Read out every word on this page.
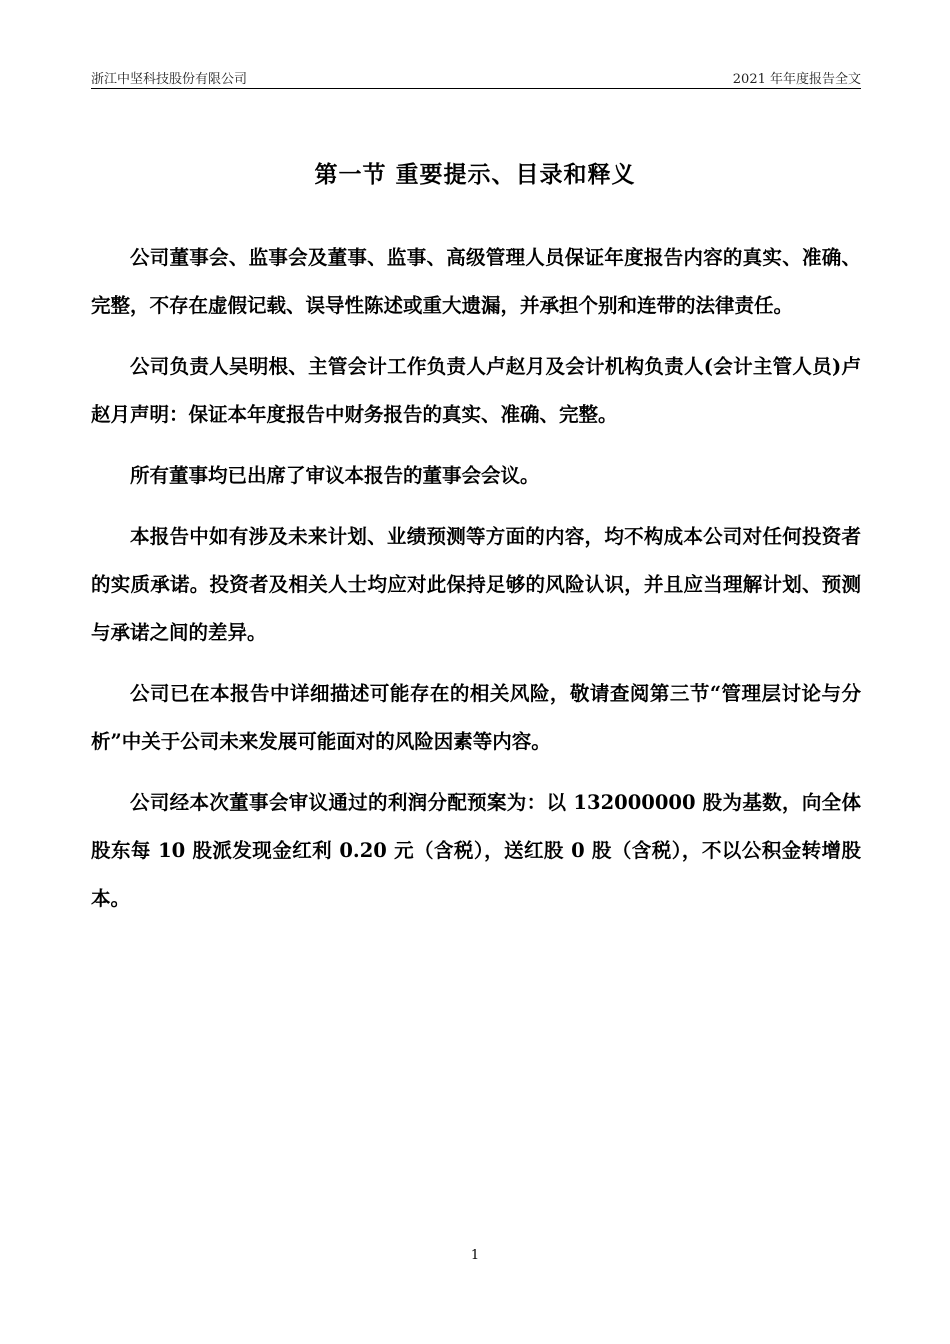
浙江中坚科技股份有限公司	2021 年年度报告全文
第一节 重要提示、目录和释义

公司董事会、监事会及董事、监事、高级管理人员保证年度报告内容的真实、准确、完整，不存在虚假记载、误导性陈述或重大遗漏，并承担个别和连带的法律责任。

公司负责人吴明根、主管会计工作负责人卢赵月及会计机构负责人(会计主管人员)卢赵月声明：保证本年度报告中财务报告的真实、准确、完整。

所有董事均已出席了审议本报告的董事会会议。

本报告中如有涉及未来计划、业绩预测等方面的内容，均不构成本公司对任何投资者的实质承诺。投资者及相关人士均应对此保持足够的风险认识，并且应当理解计划、预测与承诺之间的差异。

公司已在本报告中详细描述可能存在的相关风险，敬请查阅第三节“管理层讨论与分析”中关于公司未来发展可能面对的风险因素等内容。

公司经本次董事会审议通过的利润分配预案为：以 132000000 股为基数，向全体股东每 10 股派发现金红利 0.20 元（含税），送红股 0 股（含税），不以公积金转增股本。

1
